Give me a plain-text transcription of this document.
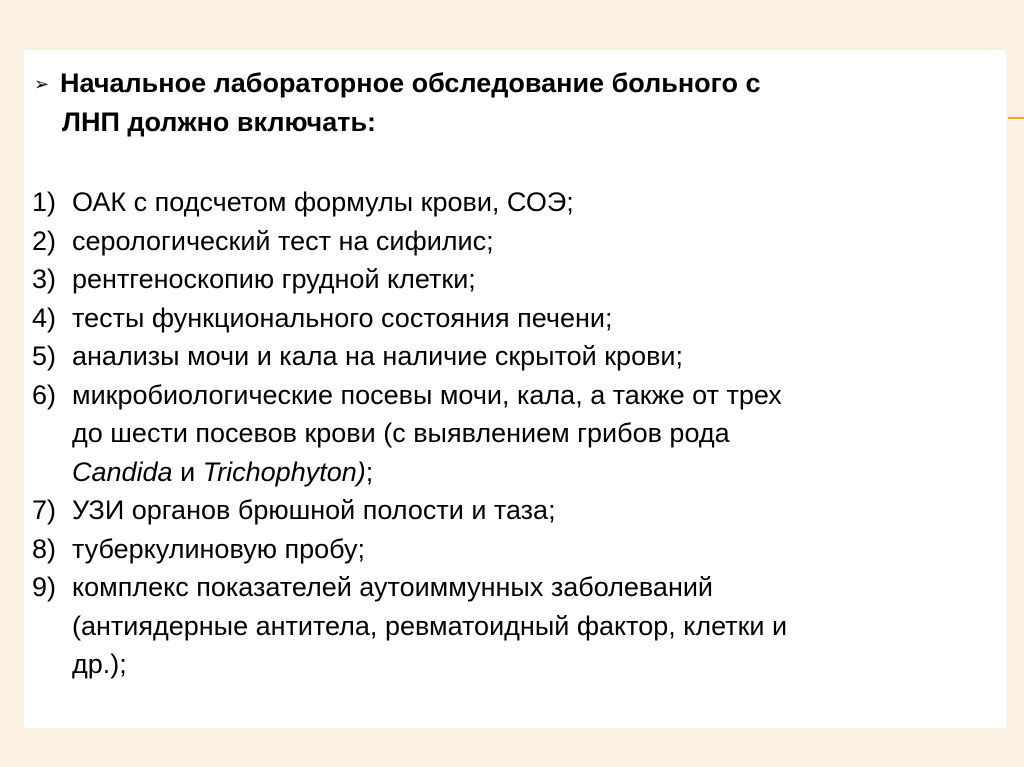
➢ Начальное лабораторное обследование больного с
ЛНП должно включать:
1) ОАК с подсчетом формулы крови, СОЭ;
2) серологический тест на сифилис;
3) рентгеноскопию грудной клетки;
4) тесты функционального состояния печени;
5) анализы мочи и кала на наличие скрытой крови;
6) микробиологические посевы мочи, кала, а также от трех
до шести посевов крови (с выявлением грибов рода
Candida и Trichophyton);
7) УЗИ органов брюшной полости и таза;
8) туберкулиновую пробу;
9) комплекс показателей аутоиммунных заболеваний
(антиядерные антитела, ревматоидный фактор, клетки и
др.);
